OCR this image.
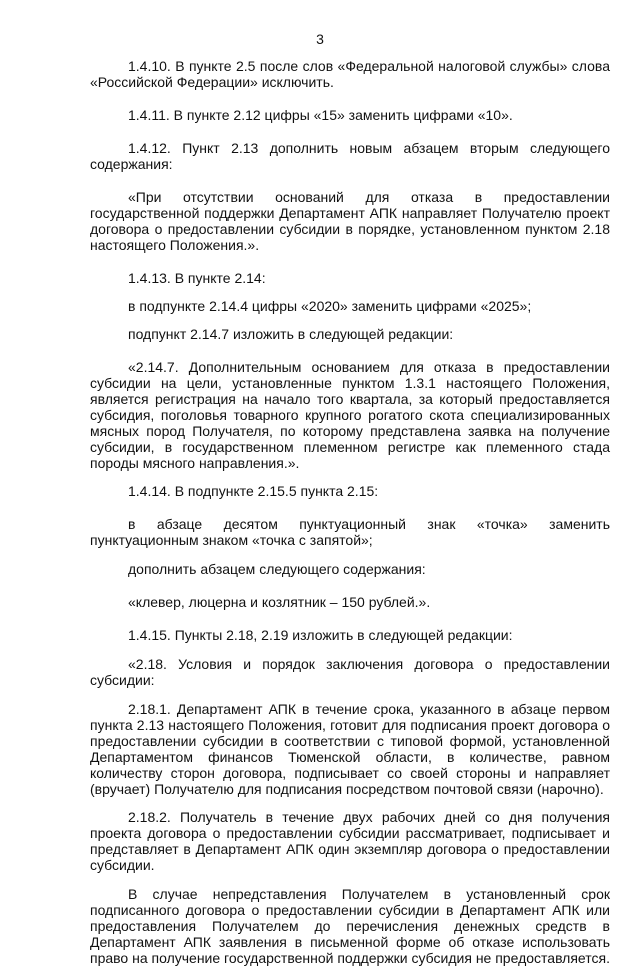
3

1.4.10. В пункте 2.5 после слов «Федеральной налоговой службы» слова «Российской Федерации» исключить.

1.4.11. В пункте 2.12 цифры «15» заменить цифрами «10».

1.4.12. Пункт 2.13 дополнить новым абзацем вторым следующего содержания:

«При отсутствии оснований для отказа в предоставлении государственной поддержки Департамент АПК направляет Получателю проект договора о предоставлении субсидии в порядке, установленном пунктом 2.18 настоящего Положения.».

1.4.13. В пункте 2.14:

в подпункте 2.14.4 цифры «2020» заменить цифрами «2025»;

подпункт 2.14.7 изложить в следующей редакции:

«2.14.7. Дополнительным основанием для отказа в предоставлении субсидии на цели, установленные пунктом 1.3.1 настоящего Положения, является регистрация на начало того квартала, за который предоставляется субсидия, поголовья товарного крупного рогатого скота специализированных мясных пород Получателя, по которому представлена заявка на получение субсидии, в государственном племенном регистре как племенного стада породы мясного направления.».

1.4.14. В подпункте 2.15.5 пункта 2.15:

в абзаце десятом пунктуационный знак «точка» заменить пунктуационным знаком «точка с запятой»;

дополнить абзацем следующего содержания:

«клевер, люцерна и козлятник – 150 рублей.».

1.4.15. Пункты 2.18, 2.19 изложить в следующей редакции:

«2.18. Условия и порядок заключения договора о предоставлении субсидии:

2.18.1. Департамент АПК в течение срока, указанного в абзаце первом пункта 2.13 настоящего Положения, готовит для подписания проект договора о предоставлении субсидии в соответствии с типовой формой, установленной Департаментом финансов Тюменской области, в количестве, равном количеству сторон договора, подписывает со своей стороны и направляет (вручает) Получателю для подписания посредством почтовой связи (нарочно).

2.18.2. Получатель в течение двух рабочих дней со дня получения проекта договора о предоставлении субсидии рассматривает, подписывает и представляет в Департамент АПК один экземпляр договора о предоставлении субсидии.

В случае непредставления Получателем в установленный срок подписанного договора о предоставлении субсидии в Департамент АПК или предоставления Получателем до перечисления денежных средств в Департамент АПК заявления в письменной форме об отказе использовать право на получение государственной поддержки субсидия не предоставляется.
